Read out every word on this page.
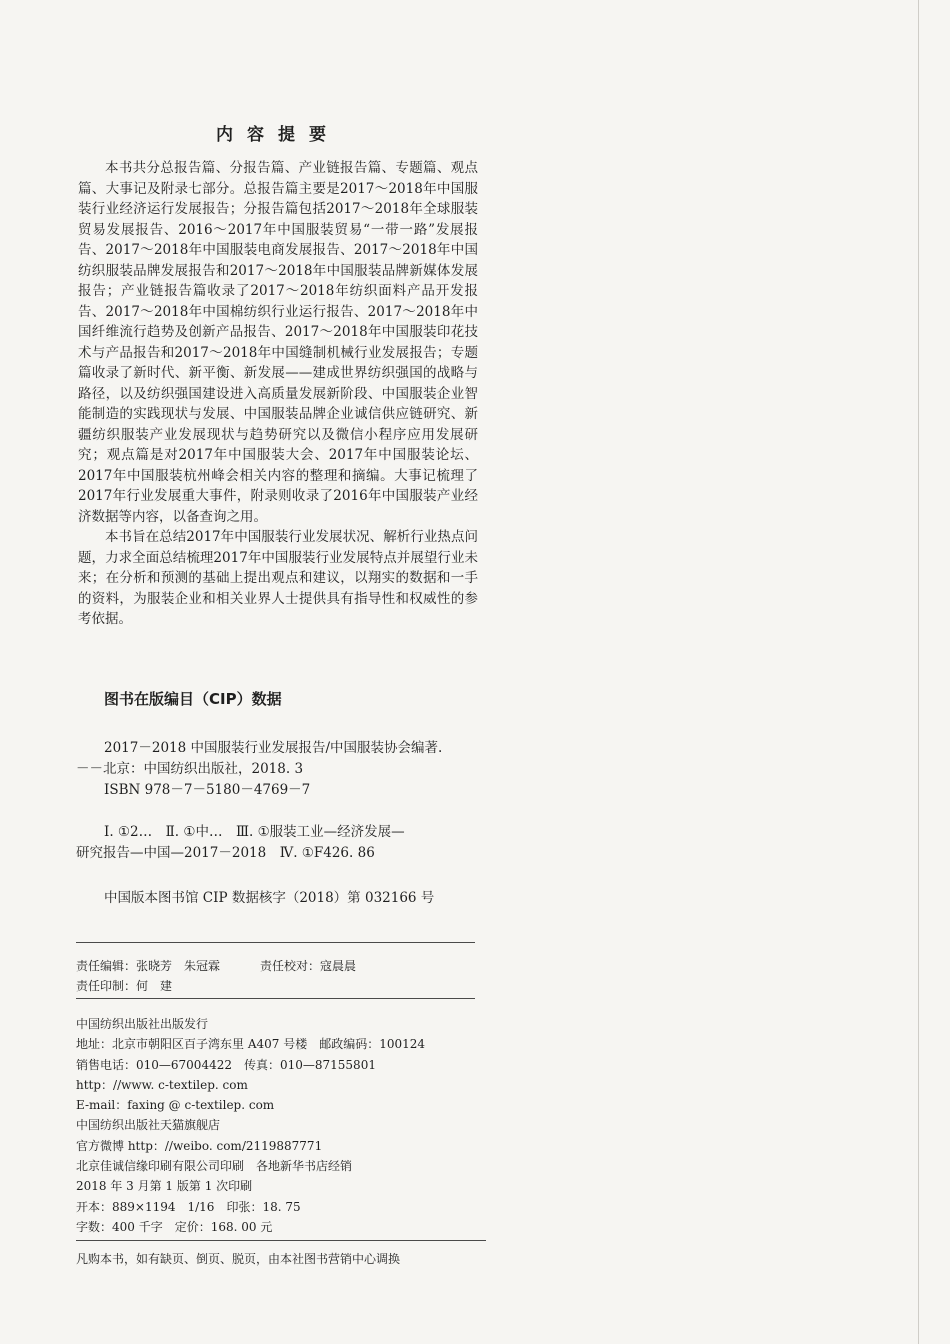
内容提要

本书共分总报告篇、分报告篇、产业链报告篇、专题篇、观点篇、大事记及附录七部分。总报告篇主要是2017～2018年中国服装行业经济运行发展报告；分报告篇包括2017～2018年全球服装贸易发展报告、2016～2017年中国服装贸易“一带一路”发展报告、2017～2018年中国服装电商发展报告、2017～2018年中国纺织服装品牌发展报告和2017～2018年中国服装品牌新媒体发展报告；产业链报告篇收录了2017～2018年纺织面料产品开发报告、2017～2018年中国棉纺织行业运行报告、2017～2018年中国纤维流行趋势及创新产品报告、2017～2018年中国服装印花技术与产品报告和2017～2018年中国缝制机械行业发展报告；专题篇收录了新时代、新平衡、新发展——建成世界纺织强国的战略与路径，以及纺织强国建设进入高质量发展新阶段、中国服装企业智能制造的实践现状与发展、中国服装品牌企业诚信供应链研究、新疆纺织服装产业发展现状与趋势研究以及微信小程序应用发展研究；观点篇是对2017年中国服装大会、2017年中国服装论坛、2017年中国服装杭州峰会相关内容的整理和摘编。大事记梳理了2017年行业发展重大事件，附录则收录了2016年中国服装产业经济数据等内容，以备查询之用。

本书旨在总结2017年中国服装行业发展状况、解析行业热点问题，力求全面总结梳理2017年中国服装行业发展特点并展望行业未来；在分析和预测的基础上提出观点和建议，以翔实的数据和一手的资料，为服装企业和相关业界人士提供具有指导性和权威性的参考依据。

图书在版编目（CIP）数据
2017－2018 中国服装行业发展报告/中国服装协会编著.
－－北京：中国纺织出版社，2018. 3
ISBN 978－7－5180－4769－7
Ⅰ. ①2…　Ⅱ. ①中…　Ⅲ. ①服装工业—经济发展—
研究报告—中国—2017－2018　Ⅳ. ①F426. 86
中国版本图书馆 CIP 数据核字（2018）第 032166 号
责任编辑：张晓芳　朱冠霖	责任校对：寇晨晨
责任印制：何　建
中国纺织出版社出版发行
地址：北京市朝阳区百子湾东里 A407 号楼　邮政编码：100124
销售电话：010—67004422　传真：010—87155801
http：//www. c-textilep. com
E-mail：faxing @ c-textilep. com
中国纺织出版社天猫旗舰店
官方微博 http：//weibo. com/2119887771
北京佳诚信缘印刷有限公司印刷　各地新华书店经销
2018 年 3 月第 1 版第 1 次印刷
开本：889×1194　1/16　印张：18. 75
字数：400 千字　定价：168. 00 元
凡购本书，如有缺页、倒页、脱页，由本社图书营销中心调换
